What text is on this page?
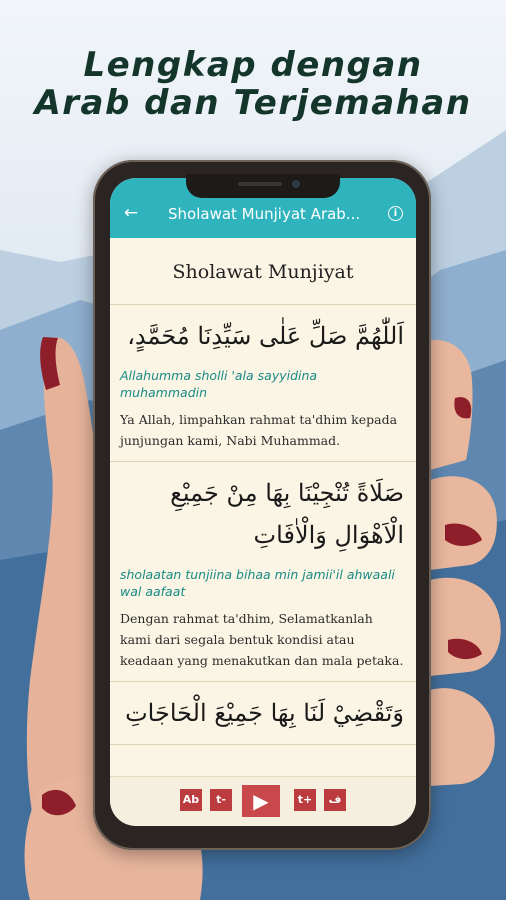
Lengkap dengan
Arab dan Terjemahan
← Sholawat Munjiyat Arab...	i
Sholawat Munjiyat
اَللّٰهُمَّ صَلِّ عَلٰى سَيِّدِنَا مُحَمَّدٍ،
Allahumma sholli 'ala sayyidina muhammadin
Ya Allah, limpahkan rahmat ta'dhim kepada junjungan kami, Nabi Muhammad.
صَلَاةً تُنْجِيْنَا بِهَا مِنْ جَمِيْعِ الْاَهْوَالِ وَالْاٰفَاتِ
sholaatan tunjiina bihaa min jamii'il ahwaali wal aafaat
Dengan rahmat ta'dhim, Selamatkanlah kami dari segala bentuk kondisi atau keadaan yang menakutkan dan mala petaka.
وَتَقْضِيْ لَنَا بِهَا جَمِيْعَ الْحَاجَاتِ
Ab	t-	▶	t+	ف
